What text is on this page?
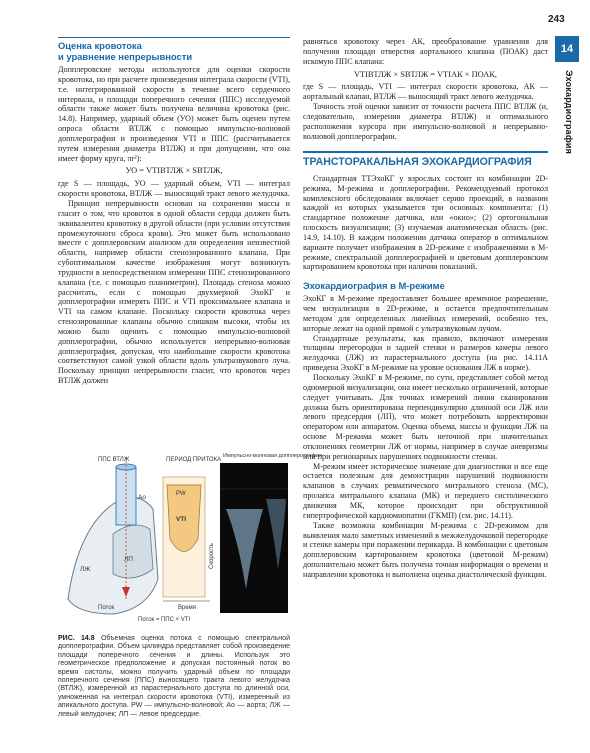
243
14
Эхокардиография

Оценка кровотока

и уравнение непрерывности

Допплеровские методы используются для оценки скорости кровотока, но при расчете произведения интеграла скорости (VTI), т.е. интегрированной скорости в течение всего сердечного интервала, и площади поперечного сечения (ППС) исследуемой области также может быть получена величина кровотока (рис. 14.8). Например, ударный объем (УО) может быть оценен путем опроса области ВТЛЖ с помощью импульсно-волновой допплерографии и произведения VTI и ППС (рассчитывается путем измерения диаметра ВТЛЖ) и при допущении, что она имеет форму круга, πr²):

УО = VTIВТЛЖ × SВТЛЖ,

где S — площадь, УО — ударный объем, VTI — интеграл скорости кровотока, ВТЛЖ — выносящий тракт левого желудочка.

Принцип непрерывности основан на сохранении массы и гласит о том, что кровоток в одной области сердца должен быть эквивалентен кровотоку в другой области (при условии отсутствия промежуточного сброса крови). Это может быть использовано вместе с допплеровским анализом для определения неизвестной области, например области стенозированного клапана. При субоптимальном качестве изображения могут возникнуть трудности в непосредственном измерении ППС стенозированного клапана (т.е. с помощью планиметрии). Площадь стеноза можно рассчитать, если с помощью двухмерной ЭхоКГ и допплерографии измерять ППС и VTI проксимальнее клапана и VTI на самом клапане. Поскольку скорости кровотока через стенозированные клапаны обычно слишком высоки, чтобы их можно было оценить с помощью импульсно-волновой допплерографии, обычно используется непрерывно-волновая допплерография, допуская, что наибольшие скорости кровотока соответствуют самой узкой области вдоль ультразвукового луча. Поскольку принцип непрерывности гласит, что кровоток через ВТЛЖ должен

ППС ВТЛЖ
ЛЖ
ЛП
Ао
Поток
ПЕРИОД ПРИТОКА
PW
VTI
Скорость
Время
Поток = ППС × VTI
Импульсно-волновая допплерография
РИС. 14.8 Объемная оценка потока с помощью спектральной допплерографии. Объем цилиндра представляет собой произведение площади поперечного сечения и длины. Используя это геометрическое предположение и допуская постоянный поток во время систолы, можно получить ударный объем по площади поперечного сечения (ППС) выносящего тракта левого желудочка (ВТЛЖ), измеренной из парастернального доступа по длинной оси, умноженная на интеграл скорости кровотока (VTI), измеренный из апикального доступа. PW — импульсно-волновой; Ао — аорта; ЛЖ — левый желудочек; ЛП — левое предсердие.

равняться кровотоку через АК, преобразование уравнения для получения площади отверстия аортального клапана (ПОАК) даст искомую ППС клапана:

VTIВТЛЖ × SВТЛЖ = VTIАК × ПОАК,

где S — площадь, VTI — интеграл скорости кровотока, АК — аортальный клапан, ВТЛЖ — выносящий тракт левого желудочка.

Точность этой оценки зависит от точности расчета ППС ВТЛЖ (и, следовательно, измерения диаметра ВТЛЖ) и оптимального расположения курсора при импульсно-волновой и непрерывно-волновой допплерографии.

ТРАНСТОРАКАЛЬНАЯ ЭХОКАРДИОГРАФИЯ

Стандартная ТТЭхоКГ у взрослых состоит из комбинации 2D-режима, М-режима и допплерографии. Рекомендуемый протокол комплексного обследования включает серию проекций, в названии каждой из которых указывается три основных компонента: (1) стандартное положение датчика, или «окно»; (2) ортогональная плоскость визуализации; (3) изучаемая анатомическая область (рис. 14.9, 14.10). В каждом положении датчика оператор в оптимальном варианте получает изображения в 2D-режиме с изображениями в М-режиме, спектральной допплерографией и цветовым допплеровским картированием кровотока при наличии показаний.

Эхокардиография в М-режиме

ЭхоКГ в М-режиме предоставляет большее временное разрешение, чем визуализация в 2D-режиме, и остается предпочтительным методом для определенных линейных измерений, особенно тех, которые лежат на одной прямой с ультразвуковым лучом.

Стандартные результаты, как правило, включают измерения толщины перегородки и задней стенки и размеров камеры левого желудочка (ЛЖ) из парастернального доступа (на рис. 14.11А приведена ЭхоКГ в М-режиме на уровне основания ЛЖ в норме).

Поскольку ЭхоКГ в М-режиме, по сути, представляет собой метод одномерной визуализации, она имеет несколько ограничений, которые следует учитывать. Для точных измерений линия сканирования должна быть ориентирована перпендикулярно длинной оси ЛЖ или левого предсердия (ЛП), что может потребовать корректировки оператором или аппаратом. Оценка объема, массы и функции ЛЖ на основе М-режима может быть неточной при значительных отклонениях геометрии ЛЖ от нормы, например в случае аневризмы или при регионарных нарушениях подвижности стенки.

М-режим имеет историческое значение для диагностики и все еще остается полезным для демонстрации нарушений подвижности клапанов в случаях ревматического митрального стеноза (МС), пролапса митрального клапана (МК) и переднего систолического движения МК, которое происходит при обструктивной гипертрофической кардиомиопатии (ГКМП) (см. рис. 14.11).

Также возможна комбинация М-режима с 2D-режимом для выявления мало заметных изменений в межжелудочковой перегородке и стенке камеры при поражении перикарда. В комбинации с цветовым допплеровским картированием кровотока (цветовой М-режим) дополнительно может быть получена точная информация о времени и направлении кровотока и выполнена оценка диастолической функции.
